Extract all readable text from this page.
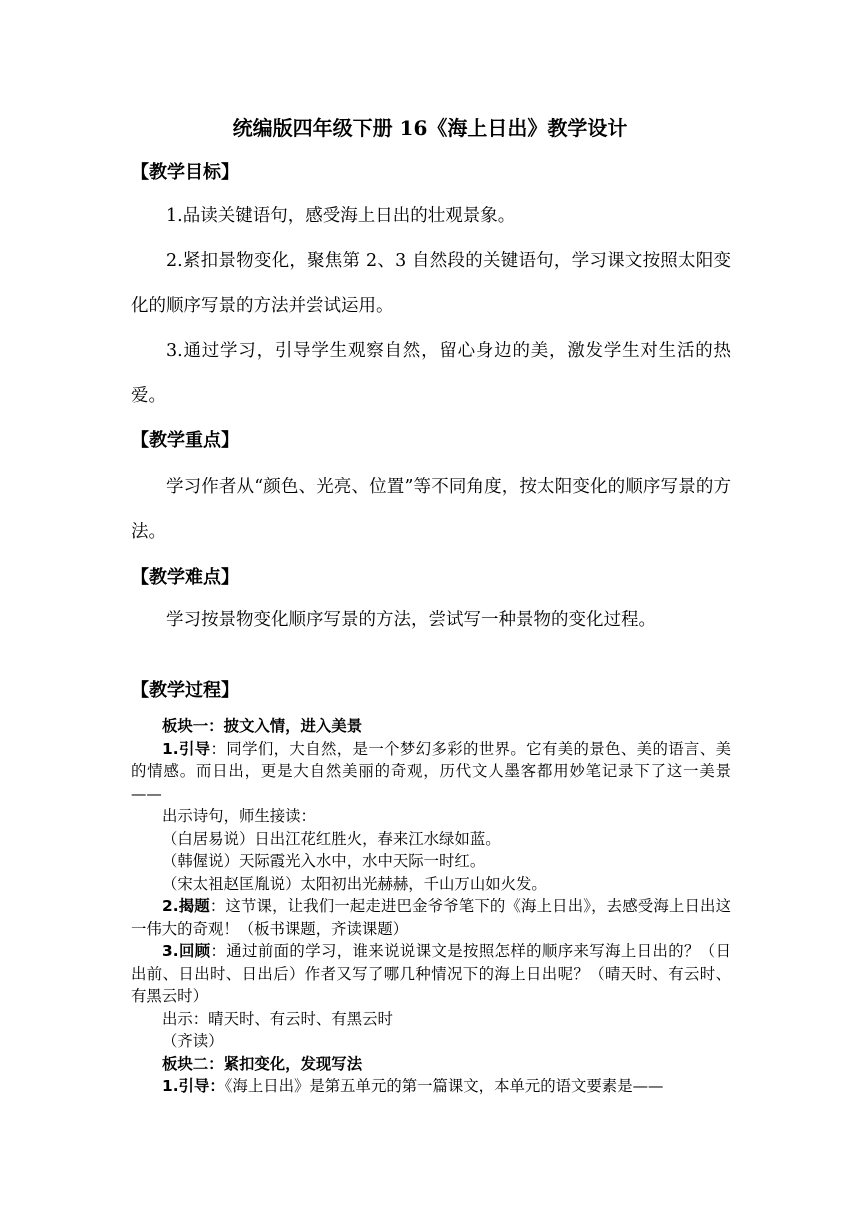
统编版四年级下册 16《海上日出》教学设计
【教学目标】
1.品读关键语句，感受海上日出的壮观景象。
2.紧扣景物变化，聚焦第 2、3 自然段的关键语句，学习课文按照太阳变化的顺序写景的方法并尝试运用。
3.通过学习，引导学生观察自然，留心身边的美，激发学生对生活的热爱。
【教学重点】
学习作者从“颜色、光亮、位置”等不同角度，按太阳变化的顺序写景的方法。
【教学难点】
学习按景物变化顺序写景的方法，尝试写一种景物的变化过程。
【教学过程】

板块一：披文入情，进入美景

1.引导：同学们，大自然，是一个梦幻多彩的世界。它有美的景色、美的语言、美的情感。而日出，更是大自然美丽的奇观，历代文人墨客都用妙笔记录下了这一美景——

出示诗句，师生接读：

（白居易说）日出江花红胜火，春来江水绿如蓝。

（韩偓说）天际霞光入水中，水中天际一时红。

（宋太祖赵匡胤说）太阳初出光赫赫，千山万山如火发。

2.揭题：这节课，让我们一起走进巴金爷爷笔下的《海上日出》，去感受海上日出这一伟大的奇观！（板书课题，齐读课题）

3.回顾：通过前面的学习，谁来说说课文是按照怎样的顺序来写海上日出的？（日出前、日出时、日出后）作者又写了哪几种情况下的海上日出呢？（晴天时、有云时、有黑云时）

出示：晴天时、有云时、有黑云时

（齐读）

板块二：紧扣变化，发现写法

1.引导：《海上日出》是第五单元的第一篇课文，本单元的语文要素是——
